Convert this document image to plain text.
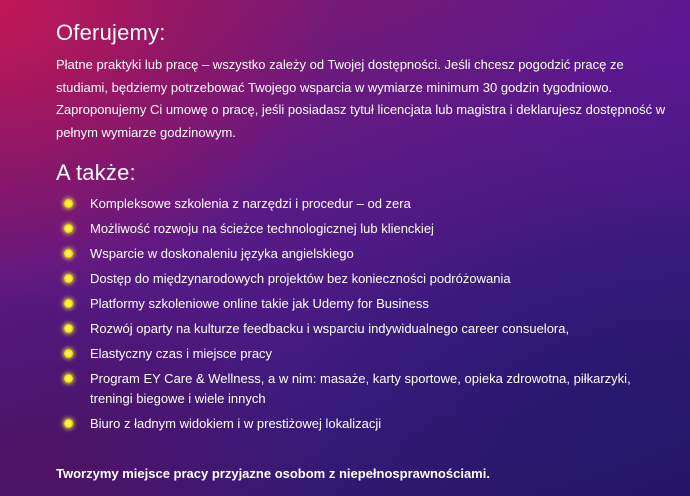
Oferujemy:

Płatne praktyki lub pracę – wszystko zależy od Twojej dostępności. Jeśli chcesz pogodzić pracę ze studiami, będziemy potrzebować Twojego wsparcia w wymiarze minimum 30 godzin tygodniowo. Zaproponujemy Ci umowę o pracę, jeśli posiadasz tytuł licencjata lub magistra i deklarujesz dostępność w pełnym wymiarze godzinowym.

A także:
Kompleksowe szkolenia z narzędzi i procedur – od zera
Możliwość rozwoju na ścieżce technologicznej lub klienckiej
Wsparcie w doskonaleniu języka angielskiego
Dostęp do międzynarodowych projektów bez konieczności podróżowania
Platformy szkoleniowe online takie jak Udemy for Business
Rozwój oparty na kulturze feedbacku i wsparciu indywidualnego career consuelora,
Elastyczny czas i miejsce pracy
Program EY Care & Wellness, a w nim: masaże, karty sportowe, opieka zdrowotna, piłkarzyki, treningi biegowe i wiele innych
Biuro z ładnym widokiem i w prestiżowej lokalizacji

Tworzymy miejsce pracy przyjazne osobom z niepełnosprawnościami.
